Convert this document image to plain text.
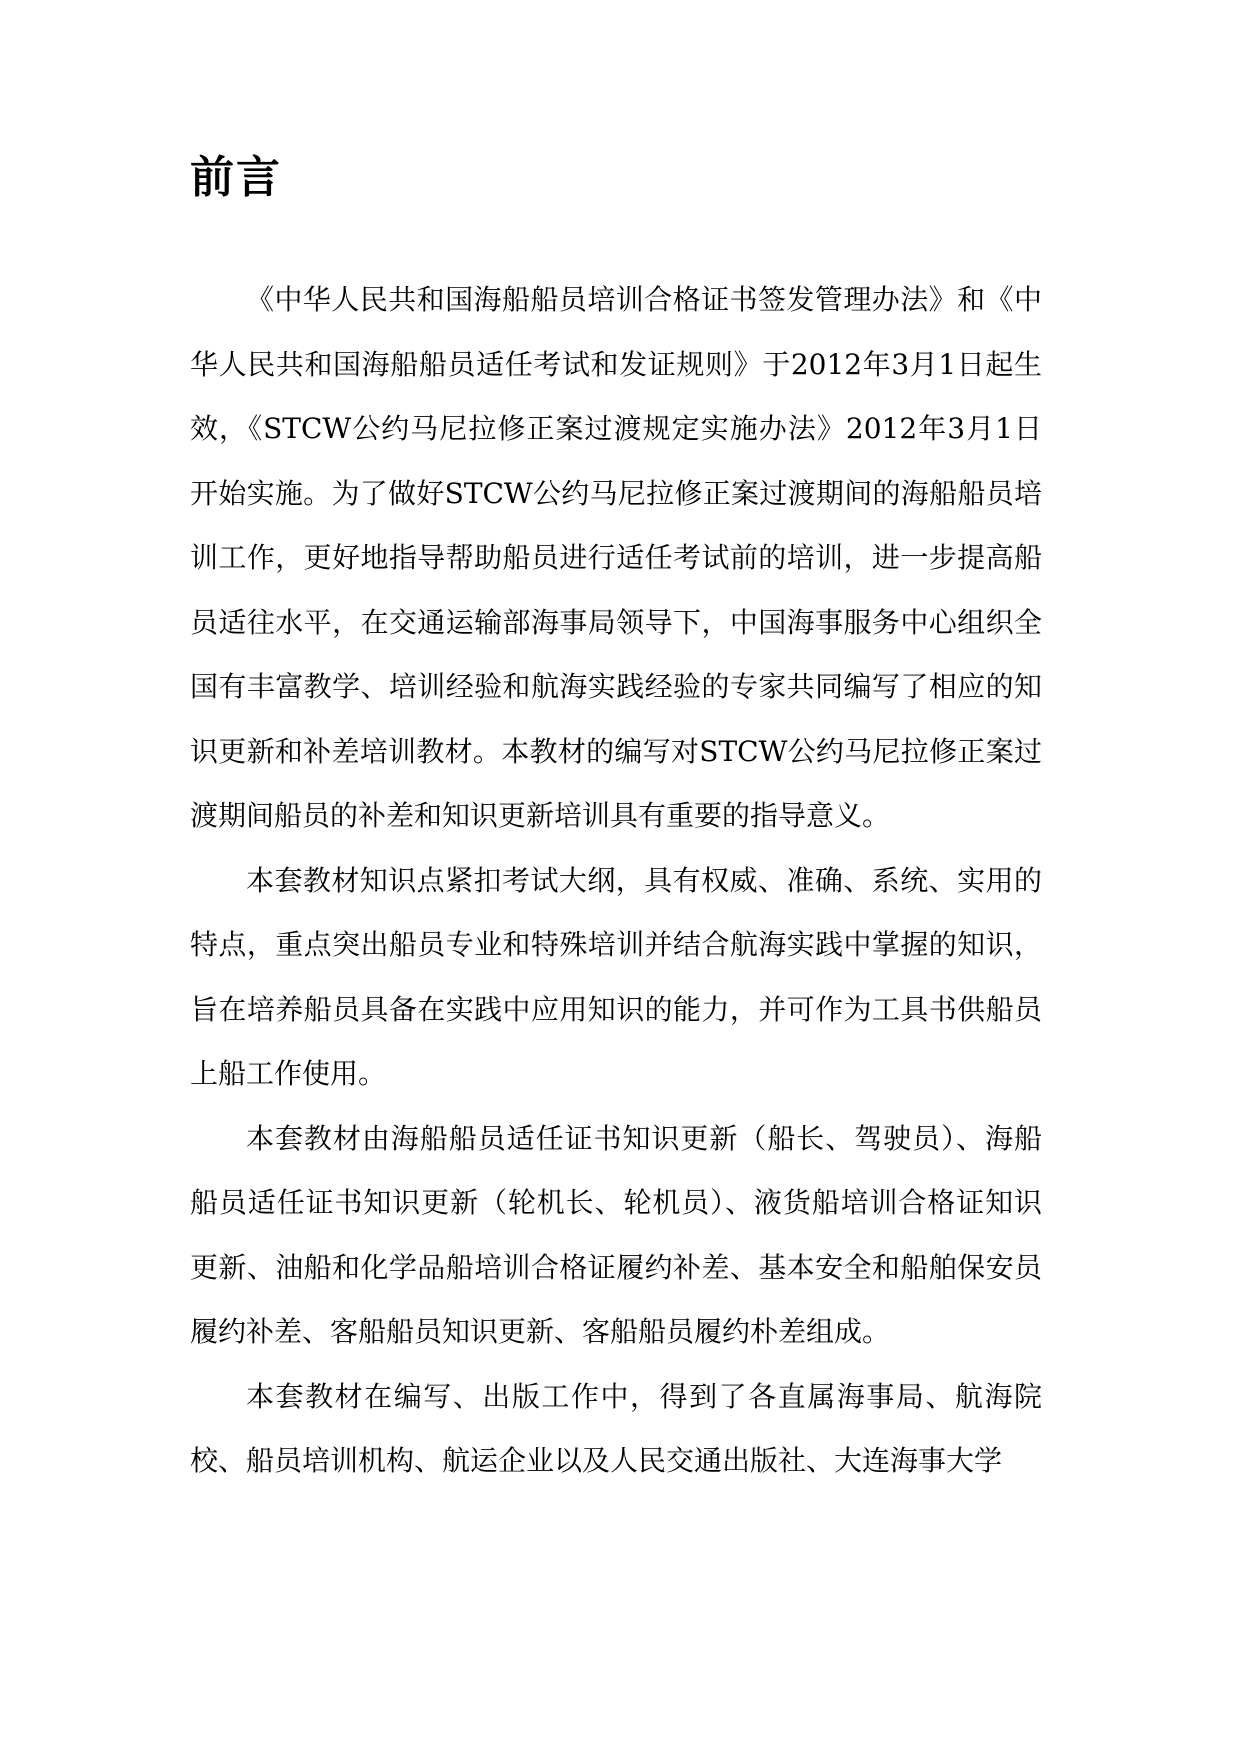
前言

《中华人民共和国海船船员培训合格证书签发管理办法》和《中华人民共和国海船船员适任考试和发证规则》于2012年3月1日起生效，《STCW公约马尼拉修正案过渡规定实施办法》2012年3月1日开始实施。为了做好STCW公约马尼拉修正案过渡期间的海船船员培训工作，更好地指导帮助船员进行适任考试前的培训，进一步提高船员适往水平，在交通运输部海事局领导下，中国海事服务中心组织全国有丰富教学、培训经验和航海实践经验的专家共同编写了相应的知识更新和补差培训教材。本教材的编写对STCW公约马尼拉修正案过渡期间船员的补差和知识更新培训具有重要的指导意义。

本套教材知识点紧扣考试大纲，具有权威、准确、系统、实用的特点，重点突出船员专业和特殊培训并结合航海实践中掌握的知识，旨在培养船员具备在实践中应用知识的能力，并可作为工具书供船员上船工作使用。

本套教材由海船船员适任证书知识更新（船长、驾驶员）、海船船员适任证书知识更新（轮机长、轮机员）、液货船培训合格证知识更新、油船和化学品船培训合格证履约补差、基本安全和船舶保安员履约补差、客船船员知识更新、客船船员履约朴差组成。

本套教材在编写、出版工作中，得到了各直属海事局、航海院校、船员培训机构、航运企业以及人民交通出版社、大连海事大学
